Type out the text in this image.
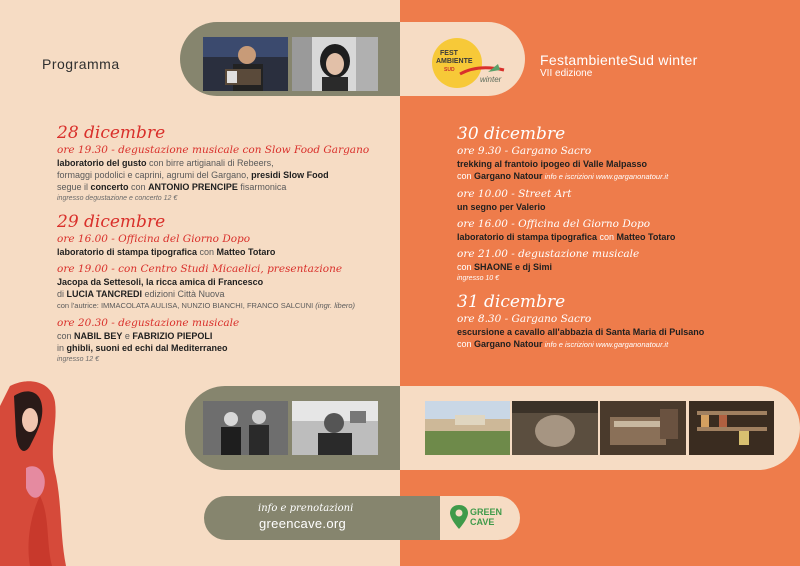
FEST
AMBIENTE
SUD
winter
Programma	FestambienteSud winter
VII edizione
28 dicembre
ore 19.30 - degustazione musicale con Slow Food Gargano
laboratorio del gusto con birre artigianali di Rebeers,
formaggi podolici e caprini, agrumi del Gargano, presidi Slow Food
segue il concerto con ANTONIO PRENCIPE fisarmonica
ingresso degustazione e concerto 12 €
29 dicembre
ore 16.00 - Officina del Giorno Dopo
laboratorio di stampa tipografica con Matteo Totaro
ore 19.00 - con Centro Studi Micaelici, presentazione
Jacopa da Settesoli, la ricca amica di Francesco
di LUCIA TANCREDI edizioni Città Nuova
con l'autrice: IMMACOLATA AULISA, NUNZIO BIANCHI, FRANCO SALCUNI (ingr. libero)
ore 20.30 - degustazione musicale
con NABIL BEY e FABRIZIO PIEPOLI
in ghibli, suoni ed echi dal Mediterraneo
ingresso 12 €
30 dicembre
ore 9.30 - Gargano Sacro
trekking al frantoio ipogeo di Valle Malpasso
con Gargano Natour info e iscrizioni www.garganonatour.it
ore 10.00 - Street Art
un segno per Valerio
ore 16.00 - Officina del Giorno Dopo
laboratorio di stampa tipografica con Matteo Totaro
ore 21.00 - degustazione musicale
con SHAONE e dj Simi
ingresso 10 €
31 dicembre
ore 8.30 - Gargano Sacro
escursione a cavallo all'abbazia di Santa Maria di Pulsano
con Gargano Natour info e iscrizioni www.garganonatour.it
info e prenotazioni
greencave.org
GREEN
CAVE
